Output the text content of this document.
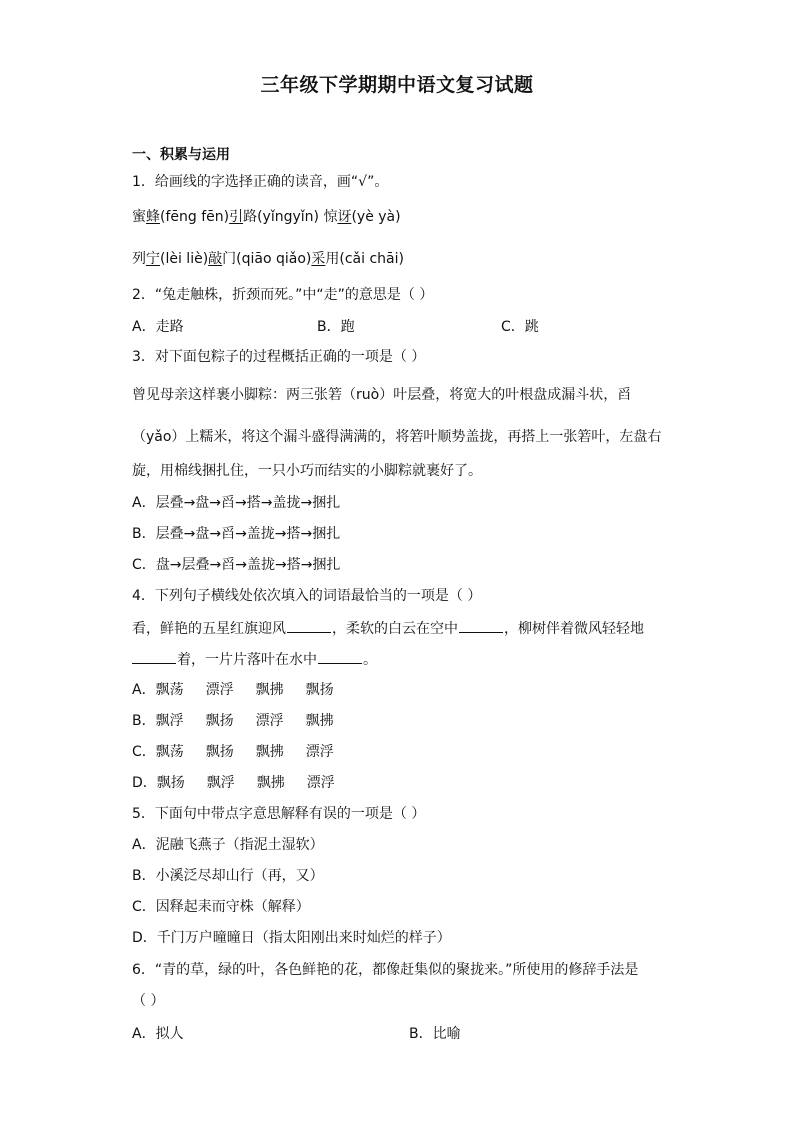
三年级下学期期中语文复习试题
一、积累与运用
1．给画线的字选择正确的读音，画“√”。
蜜蜂(fēng fēn)引路(yǐngyǐn) 惊讶(yè yà)
列宁(lèi liè)敲门(qiāo qiǎo)采用(cǎi chāi)
2．“兔走触株，折颈而死。”中“走”的意思是（ ）
A．走路	B．跑	C．跳
3．对下面包粽子的过程概括正确的一项是（ ）
曾见母亲这样裹小脚粽：两三张箬（ruò）叶层叠，将宽大的叶根盘成漏斗状，舀
（yǎo）上糯米，将这个漏斗盛得满满的，将箬叶顺势盖拢，再搭上一张箬叶，左盘右
旋，用棉线捆扎住，一只小巧而结实的小脚粽就裹好了。
A．层叠→盘→舀→搭→盖拢→捆扎
B．层叠→盘→舀→盖拢→搭→捆扎
C．盘→层叠→舀→盖拢→搭→捆扎
4．下列句子横线处依次填入的词语最恰当的一项是（ ）
看，鲜艳的五星红旗迎风	，柔软的白云在空中	，柳树伴着微风轻轻地
着，一片片落叶在水中	。
A．飘荡 漂浮 飘拂 飘扬
B．飘浮 飘扬 漂浮 飘拂
C．飘荡 飘扬 飘拂 漂浮
D．飘扬 飘浮 飘拂 漂浮
5．下面句中带点字意思解释有误的一项是（ ）
A．泥融飞燕子（指泥土湿软）
B．小溪泛尽却山行（再，又）
C．因释起耒而守株（解释）
D．千门万户曈曈日（指太阳刚出来时灿烂的样子）
6．“青的草，绿的叶，各色鲜艳的花，都像赶集似的聚拢来。”所使用的修辞手法是
（ ）
A．拟人	B．比喻
